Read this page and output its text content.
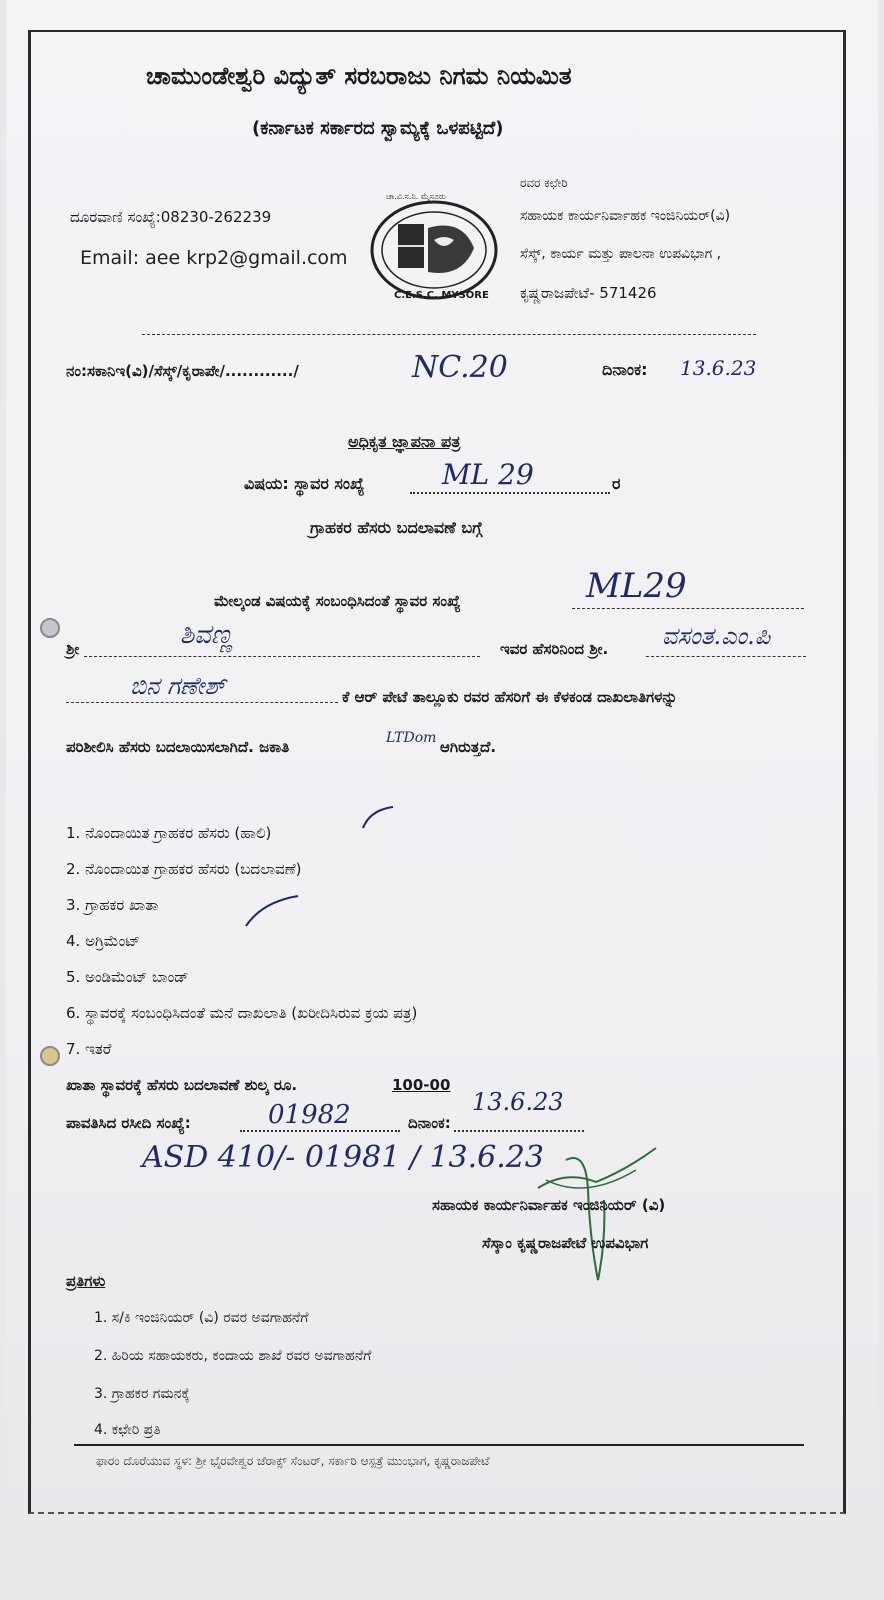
ಚಾಮುಂಡೇಶ್ವರಿ ವಿದ್ಯುತ್ ಸರಬರಾಜು ನಿಗಮ ನಿಯಮಿತ
(ಕರ್ನಾಟಕ ಸರ್ಕಾರದ ಸ್ವಾಮ್ಯಕ್ಕೆ ಒಳಪಟ್ಟಿದೆ)
ದೂರವಾಣಿ ಸಂಖ್ಯೆ:08230-262239
Email: aee krp2@gmail.com
ಚಾ.ವಿ.ಸ.ನಿ. ಮೈಸೂರು
C.E.S.C. MYSORE
ರವರ ಕಛೇರಿ
ಸಹಾಯಕ ಕಾರ್ಯನಿರ್ವಾಹಕ ಇಂಜಿನಿಯರ್(ವಿ)
ಸೆಸ್ಕ್, ಕಾರ್ಯ ಮತ್ತು ಪಾಲನಾ ಉಪವಿಭಾಗ ,
ಕೃಷ್ಣರಾಜಪೇಟೆ- 571426
ನಂ:ಸಕಾನಿಇ(ವಿ)/ಸೆಸ್ಕ್/ಕೃರಾಪೇ/............/	NC.20	ದಿನಾಂಕ: 13.6.23
ಅಧಿಕೃತ ಜ್ಞಾಪನಾ ಪತ್ರ
ವಿಷಯ: ಸ್ಥಾವರ ಸಂಖ್ಯೆ	ML 29	ರ
ಗ್ರಾಹಕರ ಹೆಸರು ಬದಲಾವಣೆ ಬಗ್ಗೆ
ಮೇಲ್ಕಂಡ ವಿಷಯಕ್ಕೆ ಸಂಬಂಧಿಸಿದಂತೆ ಸ್ಥಾವರ ಸಂಖ್ಯೆ	ML29
ಶ್ರೀ	ಶಿವಣ್ಣ	ಇವರ ಹೆಸರಿನಿಂದ ಶ್ರೀ. ವಸಂತ.ಎಂ.ಪಿ
ಬಿನ ಗಣೇಶ್	ಕೆ ಆರ್ ಪೇಟೆ ತಾಲ್ಲೂಕು ರವರ ಹೆಸರಿಗೆ ಈ ಕೆಳಕಂಡ ದಾಖಲಾತಿಗಳನ್ನು
ಪರಿಶೀಲಿಸಿ ಹೆಸರು ಬದಲಾಯಿಸಲಾಗಿದೆ. ಜಕಾತಿ	LTDom ಆಗಿರುತ್ತದೆ.
1. ನೊಂದಾಯಿತ ಗ್ರಾಹಕರ ಹೆಸರು (ಹಾಲಿ)
2. ನೊಂದಾಯಿತ ಗ್ರಾಹಕರ ಹೆಸರು (ಬದಲಾವಣೆ)
3. ಗ್ರಾಹಕರ ಖಾತಾ
4. ಅಗ್ರಿಮೆಂಟ್
5. ಅಂಡಿಮೆಂಟ್ ಬಾಂಡ್
6. ಸ್ಥಾವರಕ್ಕೆ ಸಂಬಂಧಿಸಿದಂತೆ ಮನೆ ದಾಖಲಾತಿ (ಖರೀದಿಸಿರುವ ಕ್ರಯ ಪತ್ರ)
7. ಇತರೆ
ಖಾತಾ ಸ್ಥಾವರಕ್ಕೆ ಹೆಸರು ಬದಲಾವಣೆ ಶುಲ್ಕ ರೂ.	100-00
ಪಾವತಿಸಿದ ರಸೀದಿ ಸಂಖ್ಯೆ:	01982	ದಿನಾಂಕ:
13.6.23
ASD 410/- 01981 / 13.6.23
ಸಹಾಯಕ ಕಾರ್ಯನಿರ್ವಾಹಕ ಇಂಜಿನಿಯರ್ (ವಿ)
ಸೆಸ್ಕಾಂ ಕೃಷ್ಣರಾಜಪೇಟೆ ಉಪವಿಭಾಗ
ಪ್ರತಿಗಳು
1. ಸ/ಕಿ ಇಂಜಿನಿಯರ್ (ವಿ) ರವರ ಅವಗಾಹನೆಗೆ
2. ಹಿರಿಯ ಸಹಾಯಕರು, ಕಂದಾಯ ಶಾಖೆ ರವರ ಅವಗಾಹನೆಗೆ
3. ಗ್ರಾಹಕರ ಗಮನಕ್ಕೆ
4. ಕಛೇರಿ ಪ್ರತಿ
ಫಾರಂ ದೊರೆಯುವ ಸ್ಥಳ: ಶ್ರೀ ಭೈರವೇಶ್ವರ ಜೆರಾಕ್ಸ್ ಸೆಂಟರ್, ಸರ್ಕಾರಿ ಆಸ್ಪತ್ರೆ ಮುಂಭಾಗ, ಕೃಷ್ಣರಾಜಪೇಟೆ
